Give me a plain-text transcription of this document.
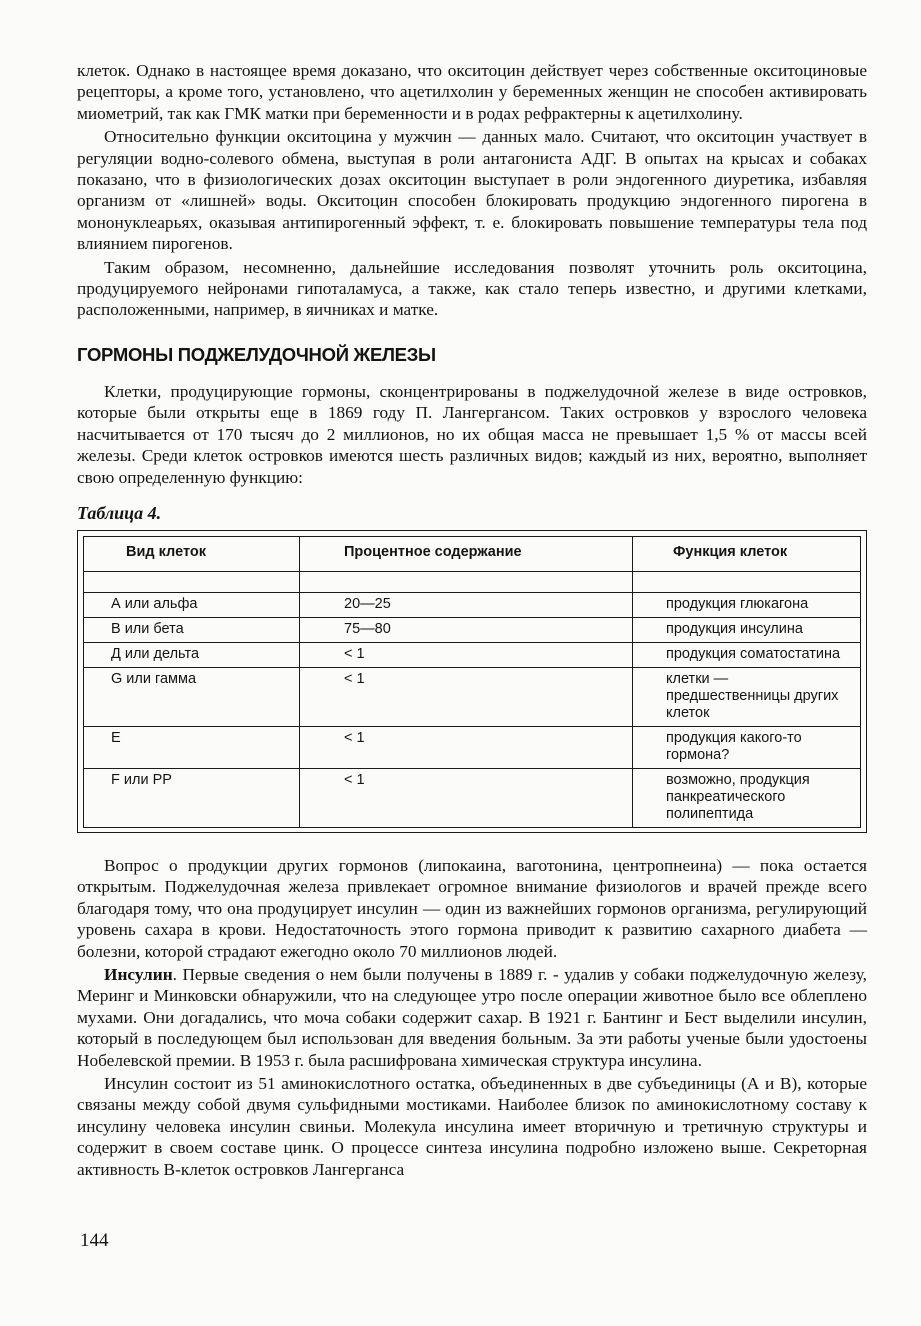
клеток. Однако в настоящее время доказано, что окситоцин действует через собственные окситоциновые рецепторы, а кроме того, установлено, что ацетилхолин у беременных женщин не способен активировать миометрий, так как ГМК матки при беременности и в родах рефрактерны к ацетилхолину.

Относительно функции окситоцина у мужчин — данных мало. Считают, что окситоцин участвует в регуляции водно-солевого обмена, выступая в роли антагониста АДГ. В опытах на крысах и собаках показано, что в физиологических дозах окситоцин выступает в роли эндогенного диуретика, избавляя организм от «лишней» воды. Окситоцин способен блокировать продукцию эндогенного пирогена в мононуклеарьях, оказывая антипирогенный эффект, т. е. блокировать повышение температуры тела под влиянием пирогенов.

Таким образом, несомненно, дальнейшие исследования позволят уточнить роль окситоцина, продуцируемого нейронами гипоталамуса, а также, как стало теперь известно, и другими клетками, расположенными, например, в яичниках и матке.

ГОРМОНЫ ПОДЖЕЛУДОЧНОЙ ЖЕЛЕЗЫ

Клетки, продуцирующие гормоны, сконцентрированы в поджелудочной железе в виде островков, которые были открыты еще в 1869 году П. Лангергансом. Таких островков у взрослого человека насчитывается от 170 тысяч до 2 миллионов, но их общая масса не превышает 1,5 % от массы всей железы. Среди клеток островков имеются шесть различных видов; каждый из них, вероятно, выполняет свою определенную функцию:

Таблица 4.
Вид клеток	Процентное содержание	Функция клеток

А или альфа	20—25	продукция глюкагона
В или бета	75—80	продукция инсулина
Д или дельта	< 1	продукция соматостатина
G или гамма	< 1	клетки — предшественницы других клеток
E	< 1	продукция какого-то гормона?
F или PP	< 1	возможно, продукция панкреатического полипептида

Вопрос о продукции других гормонов (липокаина, ваготонина, центропнеина) — пока остается открытым. Поджелудочная железа привлекает огромное внимание физиологов и врачей прежде всего благодаря тому, что она продуцирует инсулин — один из важнейших гормонов организма, регулирующий уровень сахара в крови. Недостаточность этого гормона приводит к развитию сахарного диабета — болезни, которой страдают ежегодно около 70 миллионов людей.

Инсулин. Первые сведения о нем были получены в 1889 г. - удалив у собаки поджелудочную железу, Меринг и Минковски обнаружили, что на следующее утро после операции животное было все облеплено мухами. Они догадались, что моча собаки содержит сахар. В 1921 г. Бантинг и Бест выделили инсулин, который в последующем был использован для введения больным. За эти работы ученые были удостоены Нобелевской премии. В 1953 г. была расшифрована химическая структура инсулина.

Инсулин состоит из 51 аминокислотного остатка, объединенных в две субъединицы (А и В), которые связаны между собой двумя сульфидными мостиками. Наиболее близок по аминокислотному составу к инсулину человека инсулин свиньи. Молекула инсулина имеет вторичную и третичную структуры и содержит в своем составе цинк. О процессе синтеза инсулина подробно изложено выше. Секреторная активность В-клеток островков Лангерганса

144
